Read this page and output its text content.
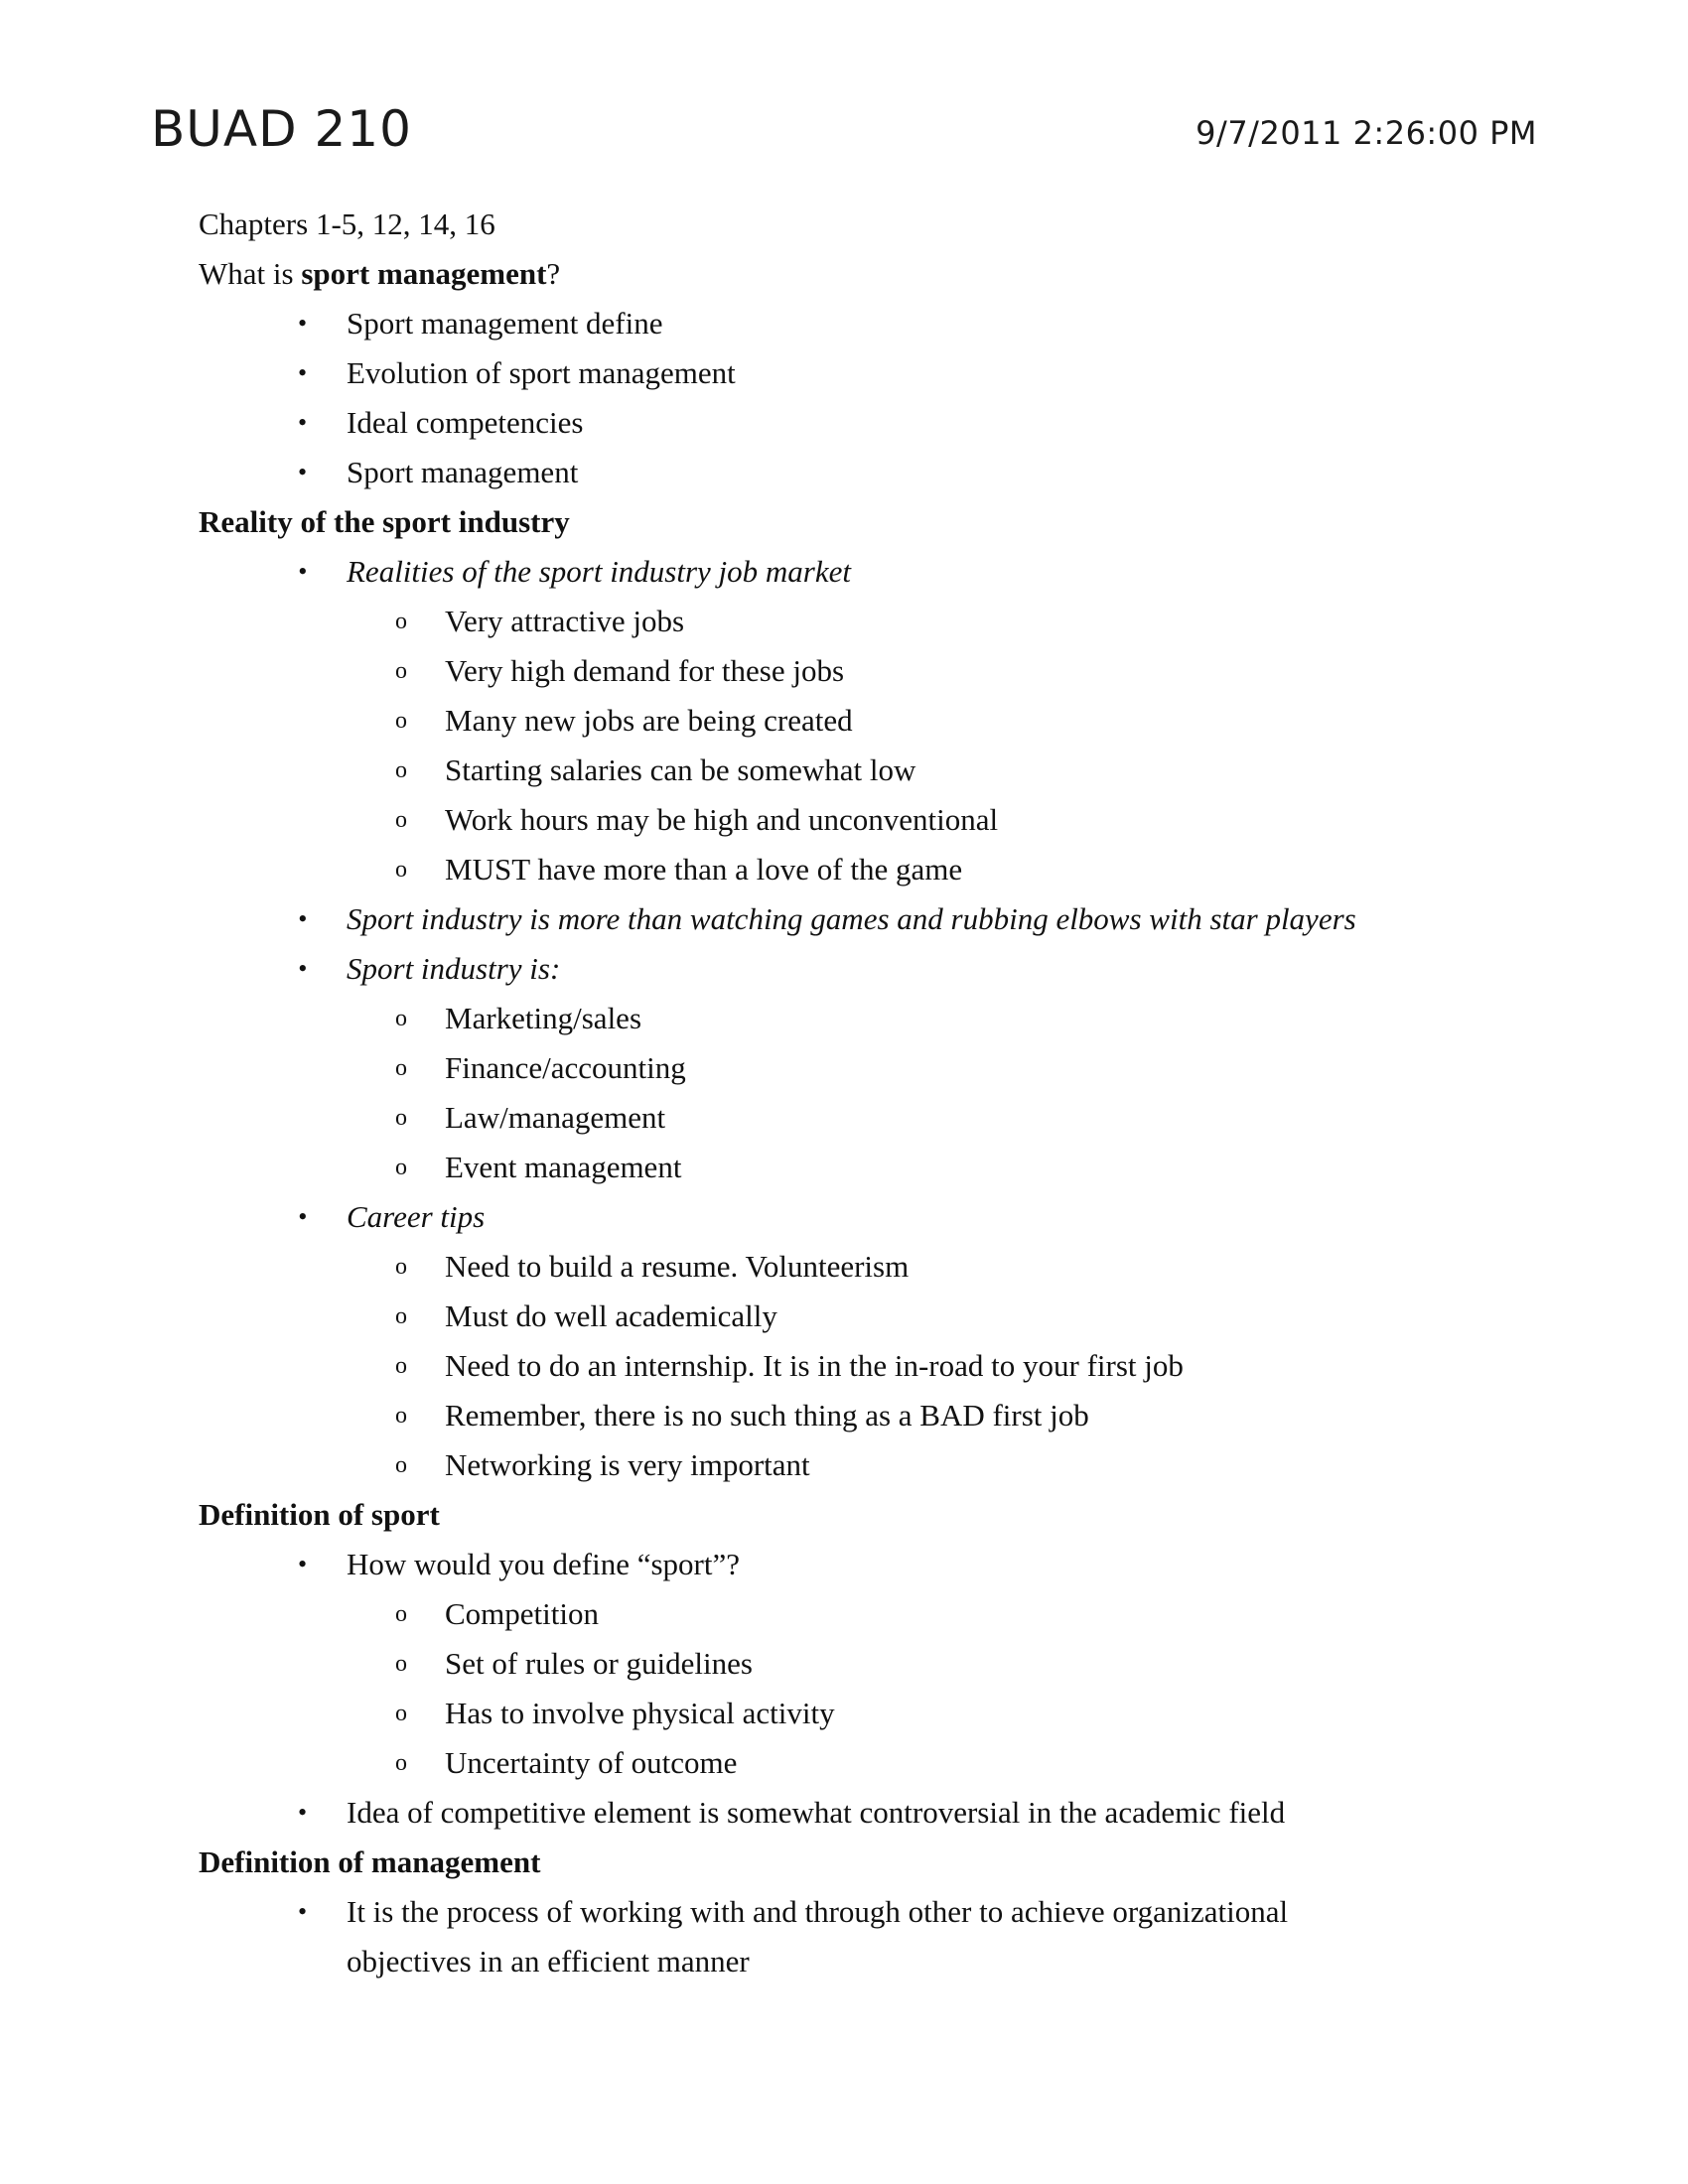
BUAD 210	9/7/2011 2:26:00 PM
Chapters 1-5, 12, 14, 16
What is sport management?
• Sport management define
• Evolution of sport management
• Ideal competencies
• Sport management
Reality of the sport industry
• Realities of the sport industry job market
o Very attractive jobs
o Very high demand for these jobs
o Many new jobs are being created
o Starting salaries can be somewhat low
o Work hours may be high and unconventional
o MUST have more than a love of the game
• Sport industry is more than watching games and rubbing elbows with star players
• Sport industry is:
o Marketing/sales
o Finance/accounting
o Law/management
o Event management
• Career tips
o Need to build a resume. Volunteerism
o Must do well academically
o Need to do an internship. It is in the in-road to your first job
o Remember, there is no such thing as a BAD first job
o Networking is very important
Definition of sport
• How would you define “sport”?
o Competition
o Set of rules or guidelines
o Has to involve physical activity
o Uncertainty of outcome
• Idea of competitive element is somewhat controversial in the academic field
Definition of management
• It is the process of working with and through other to achieve organizational
objectives in an efficient manner
